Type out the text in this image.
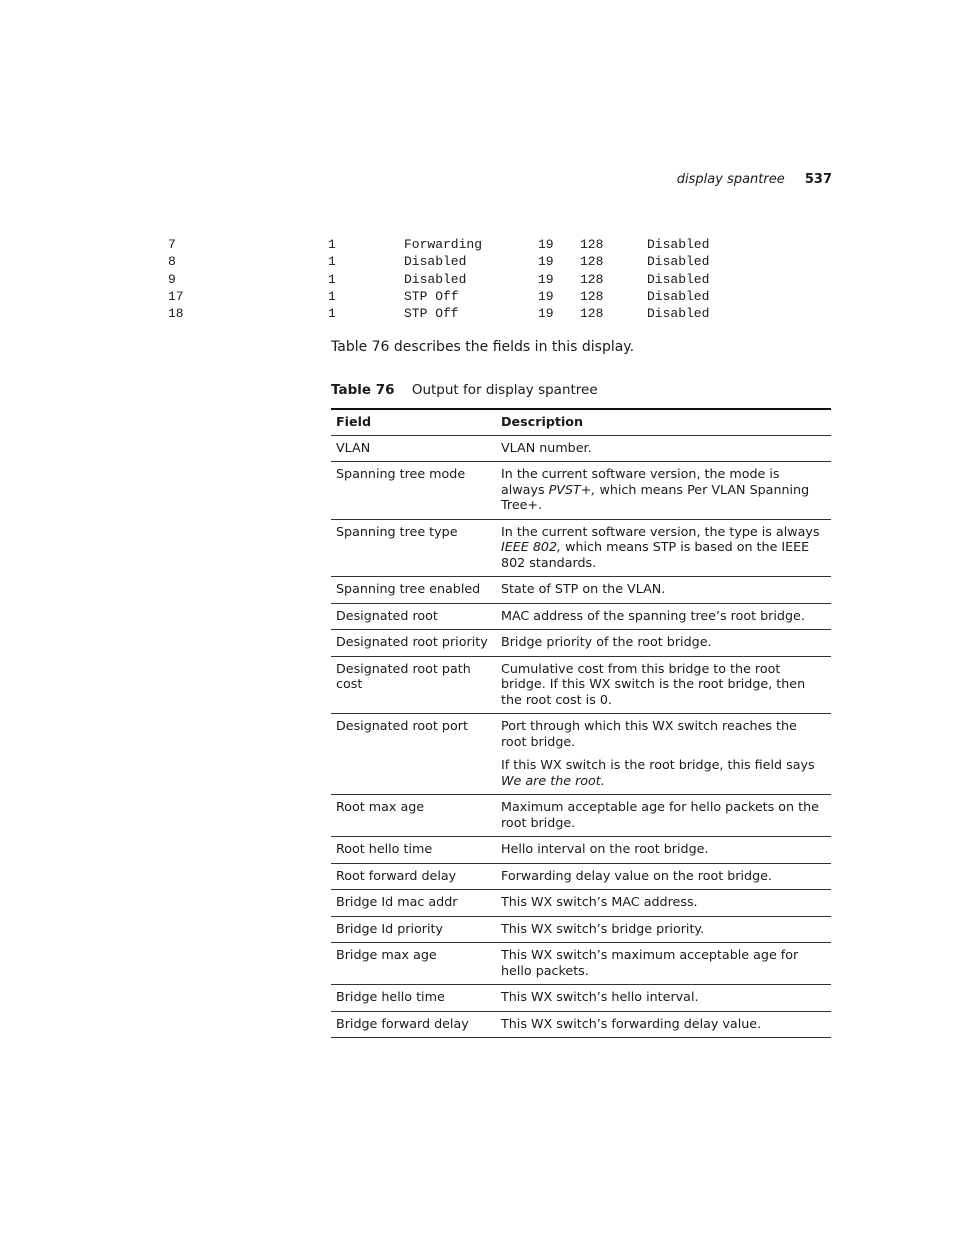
display spantree 537
7	1	Forwarding	19 128	Disabled
8	1	Disabled	19 128	Disabled
9	1	Disabled	19 128	Disabled
17	1	STP Off	19 128	Disabled
18	1	STP Off	19 128	Disabled
Table 76 describes the fields in this display.
Table 76 Output for display spantree
Field	Description
VLAN	VLAN number.

Spanning tree mode	In the current software version, the mode is always PVST+, which means Per VLAN Spanning Tree+.

Spanning tree type	In the current software version, the type is always IEEE 802, which means STP is based on the IEEE 802 standards.

Spanning tree enabled	State of STP on the VLAN.

Designated root	MAC address of the spanning tree’s root bridge.

Designated root priority	Bridge priority of the root bridge.

Designated root path cost	Cumulative cost from this bridge to the root bridge. If this WX switch is the root bridge, then the root cost is 0.

Designated root port	Port through which this WX switch reaches the root bridge.

If this WX switch is the root bridge, this field says We are the root.

Root max age	Maximum acceptable age for hello packets on the root bridge.

Root hello time	Hello interval on the root bridge.

Root forward delay	Forwarding delay value on the root bridge.

Bridge Id mac addr	This WX switch’s MAC address.

Bridge Id priority	This WX switch’s bridge priority.

Bridge max age	This WX switch’s maximum acceptable age for hello packets.

Bridge hello time	This WX switch’s hello interval.

Bridge forward delay	This WX switch’s forwarding delay value.
